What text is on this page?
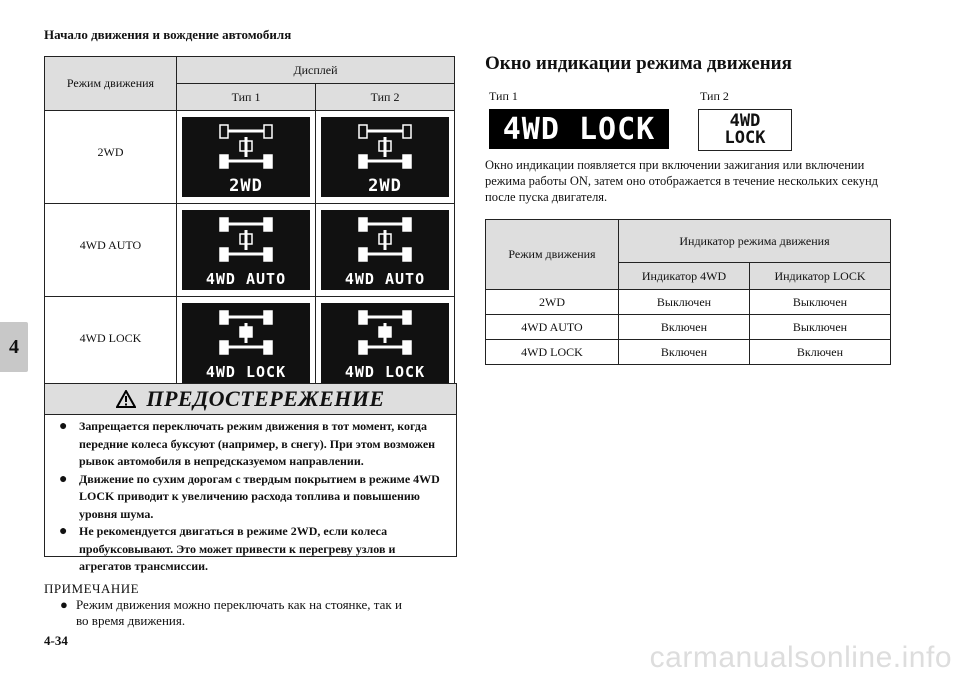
Начало движения и вождение автомобиля
4
Режим движения	Дисплей	
	Тип 1	Тип 2
2WD	2WD	2WD

4WD AUTO	4WD AUTO	4WD AUTO

4WD LOCK	4WD LOCK	4WD LOCK
ПРЕДОСТЕРЕЖЕНИЕ
● Запрещается переключать режим движения в тот момент, когда передние колеса буксуют (например, в снегу). При этом возможен рывок автомобиля в непредсказуемом направлении.
● Движение по сухим дорогам с твердым покрытием в режиме 4WD LOCK приводит к увеличению расхода топлива и повышению уровня шума.
● Не рекомендуется двигаться в режиме 2WD, если колеса пробуксовывают. Это может привести к перегреву узлов и агрегатов трансмиссии.
ПРИМЕЧАНИЕ
● Режим движения можно переключать как на стоянке, так и во время движения.
4-34
Окно индикации режима движения
Тип 1	Тип 2
4WD LOCK	4WD
LOCK
Окно индикации появляется при включении зажигания или включении режима работы ON, затем оно отображается в течение нескольких секунд после пуска двигателя.
Режим движения	Индикатор режима движения	
	Индикатор 4WD	Индикатор LOCK
2WD	Выключен	Выключен
4WD AUTO	Включен	Выключен
4WD LOCK	Включен	Включен
carmanualsonline.info
